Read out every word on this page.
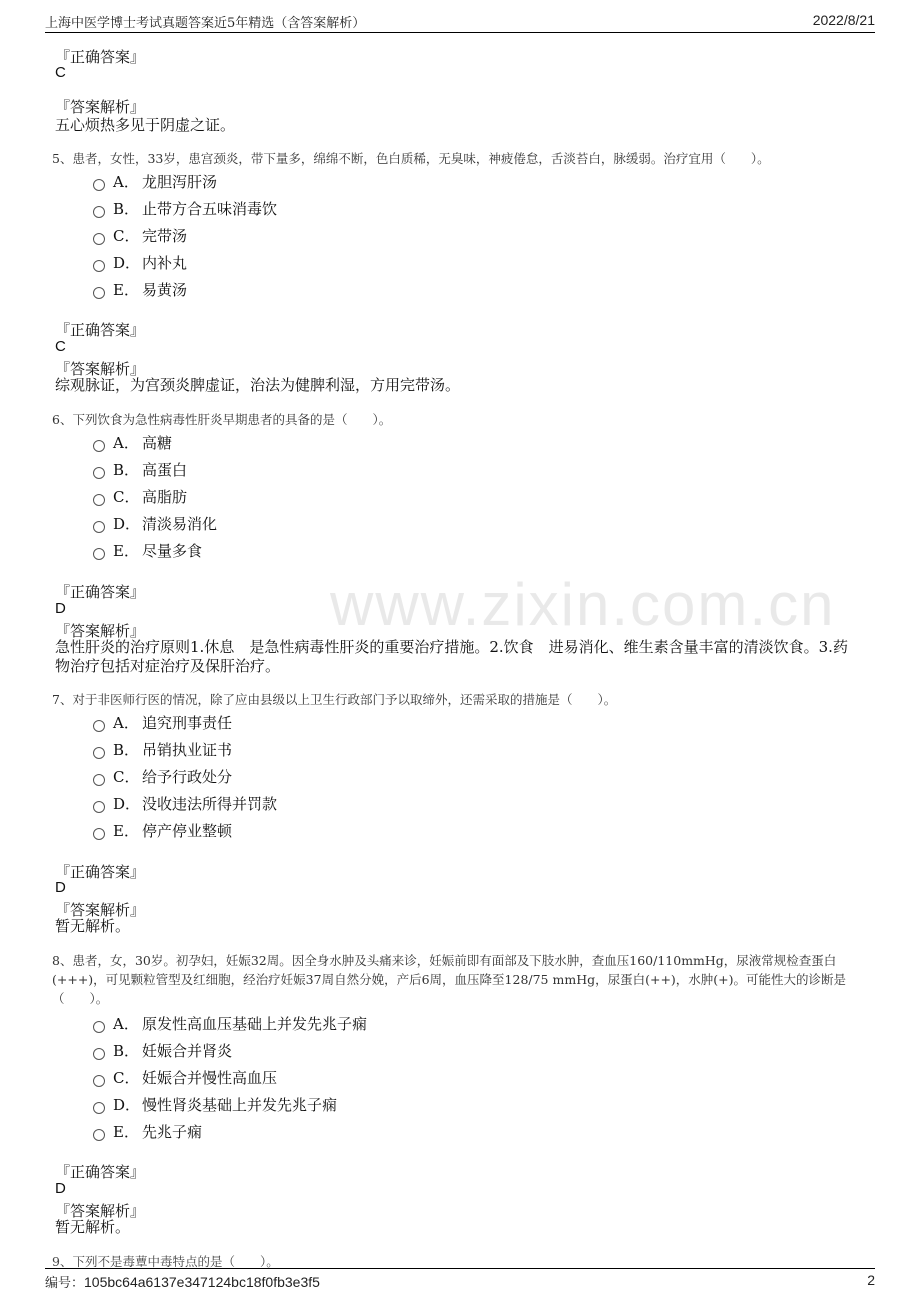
上海中医学博士考试真题答案近5年精选（含答案解析）	2022/8/21
www.zixin.com.cn
『正确答案』
C
『答案解析』
五心烦热多见于阴虚之证。
5、患者，女性，33岁，患宫颈炎，带下量多，绵绵不断，色白质稀，无臭味，神疲倦怠，舌淡苔白，脉缓弱。治疗宜用（　　）。
A． 龙胆泻肝汤
B． 止带方合五味消毒饮
C． 完带汤
D． 内补丸
E． 易黄汤
『正确答案』
C
『答案解析』
综观脉证，为宫颈炎脾虚证，治法为健脾利湿，方用完带汤。
6、下列饮食为急性病毒性肝炎早期患者的具备的是（　　）。
A． 高糖
B． 高蛋白
C． 高脂肪
D． 清淡易消化
E． 尽量多食
『正确答案』
D
『答案解析』
急性肝炎的治疗原则1.休息　是急性病毒性肝炎的重要治疗措施。2.饮食　进易消化、维生素含量丰富的清淡饮食。3.药物治疗包括对症治疗及保肝治疗。
7、对于非医师行医的情况，除了应由县级以上卫生行政部门予以取缔外，还需采取的措施是（　　）。
A． 追究刑事责任
B． 吊销执业证书
C． 给予行政处分
D． 没收违法所得并罚款
E． 停产停业整顿
『正确答案』
D
『答案解析』
暂无解析。
8、患者，女，30岁。初孕妇，妊娠32周。因全身水肿及头痛来诊，妊娠前即有面部及下肢水肿，查血压160/110mmHg，尿液常规检查蛋白(+++)，可见颗粒管型及红细胞，经治疗妊娠37周自然分娩，产后6周，血压降至128/75 mmHg，尿蛋白(++)，水肿(+)。可能性大的诊断是（　　）。
A． 原发性高血压基础上并发先兆子痫
B． 妊娠合并肾炎
C． 妊娠合并慢性高血压
D． 慢性肾炎基础上并发先兆子痫
E． 先兆子痫
『正确答案』
D
『答案解析』
暂无解析。
9、下列不是毒蕈中毒特点的是（　　）。
编号：105bc64a6137e347124bc18f0fb3e3f5	2
